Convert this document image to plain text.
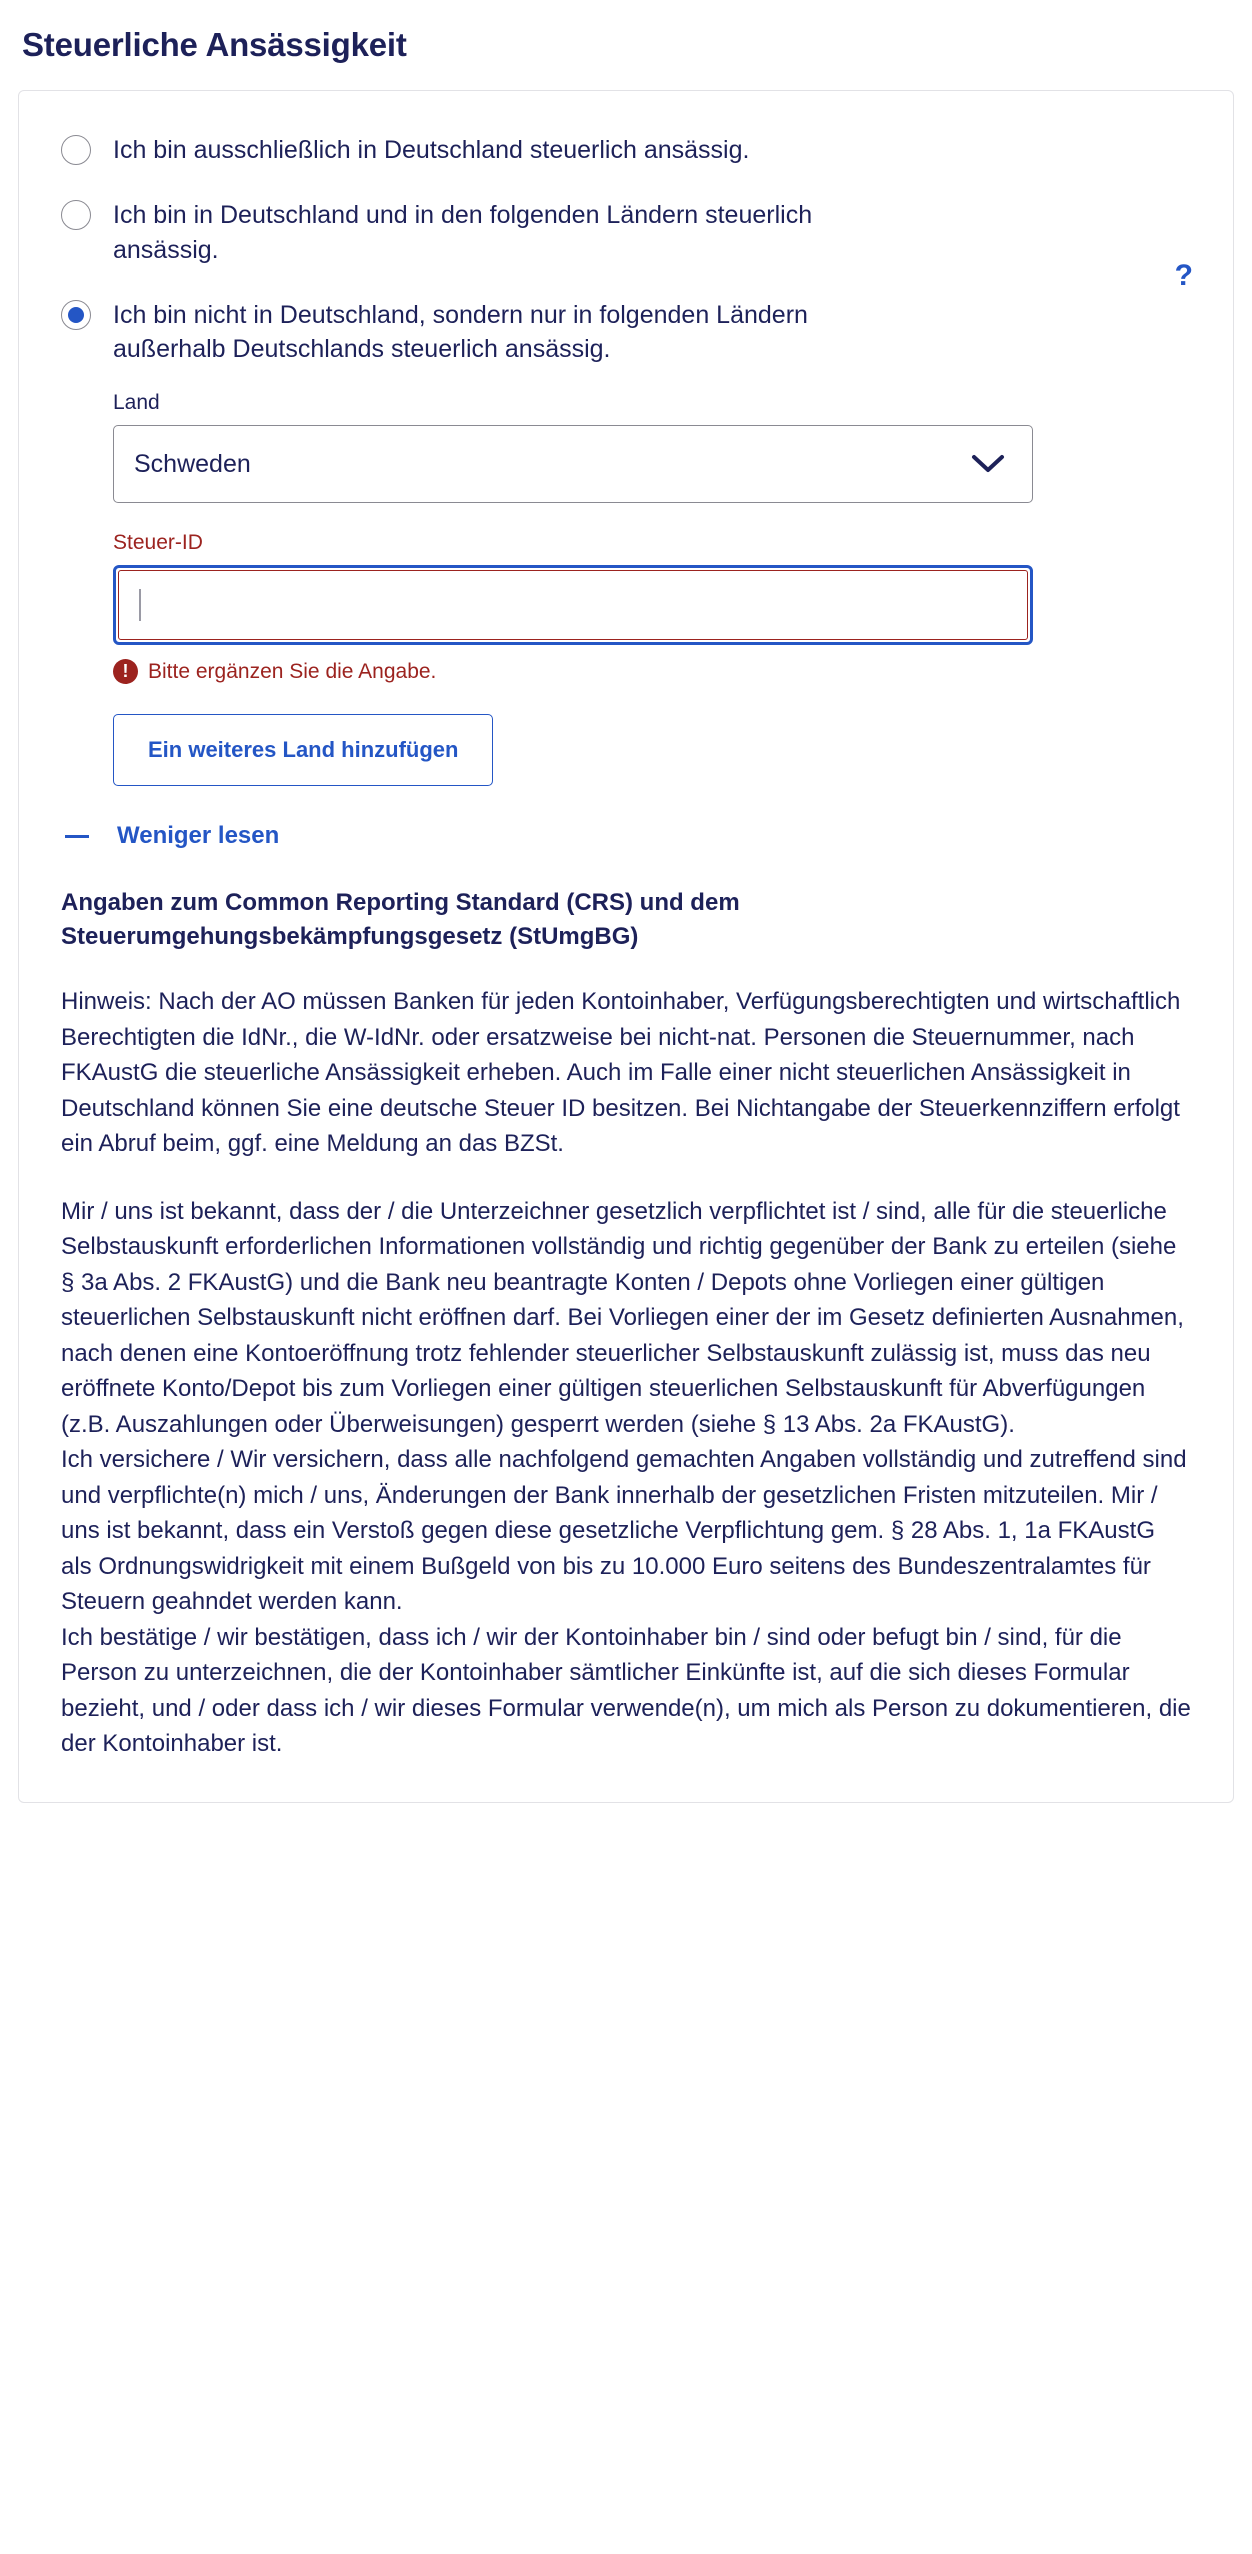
Steuerliche Ansässigkeit
?
Ich bin ausschließlich in Deutschland steuerlich ansässig.
Ich bin in Deutschland und in den folgenden Ländern steuerlich ansässig.
Ich bin nicht in Deutschland, sondern nur in folgenden Ländern außerhalb Deutschlands steuerlich ansässig.
Land
Schweden
Steuer-ID
! Bitte ergänzen Sie die Angabe.
Ein weiteres Land hinzufügen
Weniger lesen
Angaben zum Common Reporting Standard (CRS) und dem Steuerumgehungsbekämpfungsgesetz (StUmgBG)

Hinweis: Nach der AO müssen Banken für jeden Kontoinhaber, Verfügungsberechtigten und wirtschaftlich Berechtigten die IdNr., die W-IdNr. oder ersatzweise bei nicht-nat. Personen die Steuernummer, nach FKAustG die steuerliche Ansässigkeit erheben. Auch im Falle einer nicht steuerlichen Ansässigkeit in Deutschland können Sie eine deutsche Steuer ID besitzen. Bei Nichtangabe der Steuerkennziffern erfolgt ein Abruf beim, ggf. eine Meldung an das BZSt.

Mir / uns ist bekannt, dass der / die Unterzeichner gesetzlich verpflichtet ist / sind, alle für die steuerliche Selbstauskunft erforderlichen Informationen vollständig und richtig gegenüber der Bank zu erteilen (siehe § 3a Abs. 2 FKAustG) und die Bank neu beantragte Konten / Depots ohne Vorliegen einer gültigen steuerlichen Selbstauskunft nicht eröffnen darf. Bei Vorliegen einer der im Gesetz definierten Ausnahmen, nach denen eine Kontoeröffnung trotz fehlender steuerlicher Selbstauskunft zulässig ist, muss das neu eröffnete Konto/Depot bis zum Vorliegen einer gültigen steuerlichen Selbstauskunft für Abverfügungen (z.B. Auszahlungen oder Überweisungen) gesperrt werden (siehe § 13 Abs. 2a FKAustG).

Ich versichere / Wir versichern, dass alle nachfolgend gemachten Angaben vollständig und zutreffend sind und verpflichte(n) mich / uns, Änderungen der Bank innerhalb der gesetzlichen Fristen mitzuteilen. Mir / uns ist bekannt, dass ein Verstoß gegen diese gesetzliche Verpflichtung gem. § 28 Abs. 1, 1a FKAustG als Ordnungswidrigkeit mit einem Bußgeld von bis zu 10.000 Euro seitens des Bundeszentralamtes für Steuern geahndet werden kann.

Ich bestätige / wir bestätigen, dass ich / wir der Kontoinhaber bin / sind oder befugt bin / sind, für die Person zu unterzeichnen, die der Kontoinhaber sämtlicher Einkünfte ist, auf die sich dieses Formular bezieht, und / oder dass ich / wir dieses Formular verwende(n), um mich als Person zu dokumentieren, die der Kontoinhaber ist.
